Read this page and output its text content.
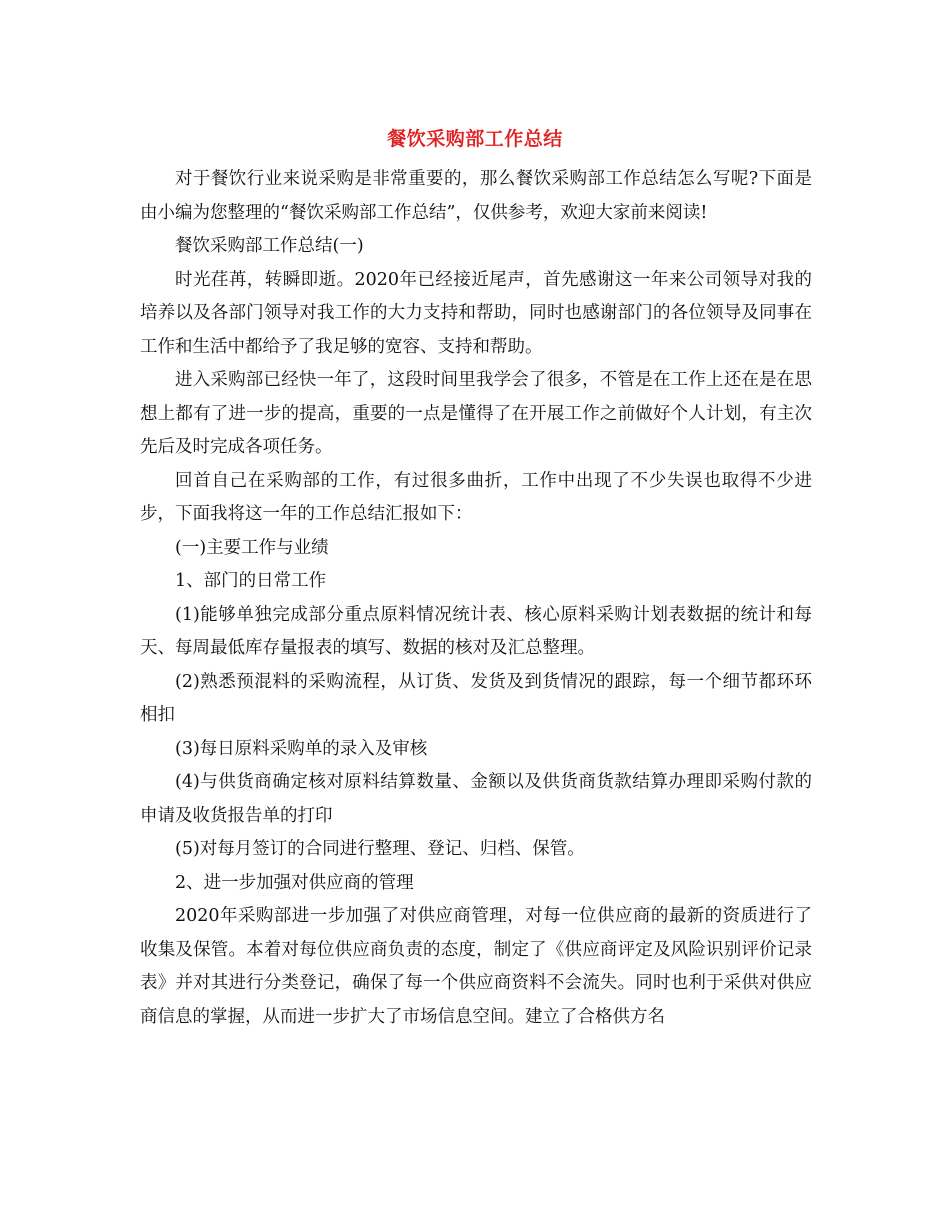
餐饮采购部工作总结

对于餐饮行业来说采购是非常重要的，那么餐饮采购部工作总结怎么写呢?下面是由小编为您整理的“餐饮采购部工作总结”，仅供参考，欢迎大家前来阅读!

餐饮采购部工作总结(一)

时光荏苒，转瞬即逝。2020年已经接近尾声，首先感谢这一年来公司领导对我的培养以及各部门领导对我工作的大力支持和帮助，同时也感谢部门的各位领导及同事在工作和生活中都给予了我足够的宽容、支持和帮助。

进入采购部已经快一年了，这段时间里我学会了很多，不管是在工作上还在是在思想上都有了进一步的提高，重要的一点是懂得了在开展工作之前做好个人计划，有主次先后及时完成各项任务。

回首自己在采购部的工作，有过很多曲折，工作中出现了不少失误也取得不少进步，下面我将这一年的工作总结汇报如下：

(一)主要工作与业绩

1、部门的日常工作

(1)能够单独完成部分重点原料情况统计表、核心原料采购计划表数据的统计和每天、每周最低库存量报表的填写、数据的核对及汇总整理。

(2)熟悉预混料的采购流程，从订货、发货及到货情况的跟踪，每一个细节都环环相扣

(3)每日原料采购单的录入及审核

(4)与供货商确定核对原料结算数量、金额以及供货商货款结算办理即采购付款的申请及收货报告单的打印

(5)对每月签订的合同进行整理、登记、归档、保管。

2、进一步加强对供应商的管理

2020年采购部进一步加强了对供应商管理，对每一位供应商的最新的资质进行了收集及保管。本着对每位供应商负责的态度，制定了《供应商评定及风险识别评价记录表》并对其进行分类登记，确保了每一个供应商资料不会流失。同时也利于采供对供应商信息的掌握，从而进一步扩大了市场信息空间。建立了合格供方名
